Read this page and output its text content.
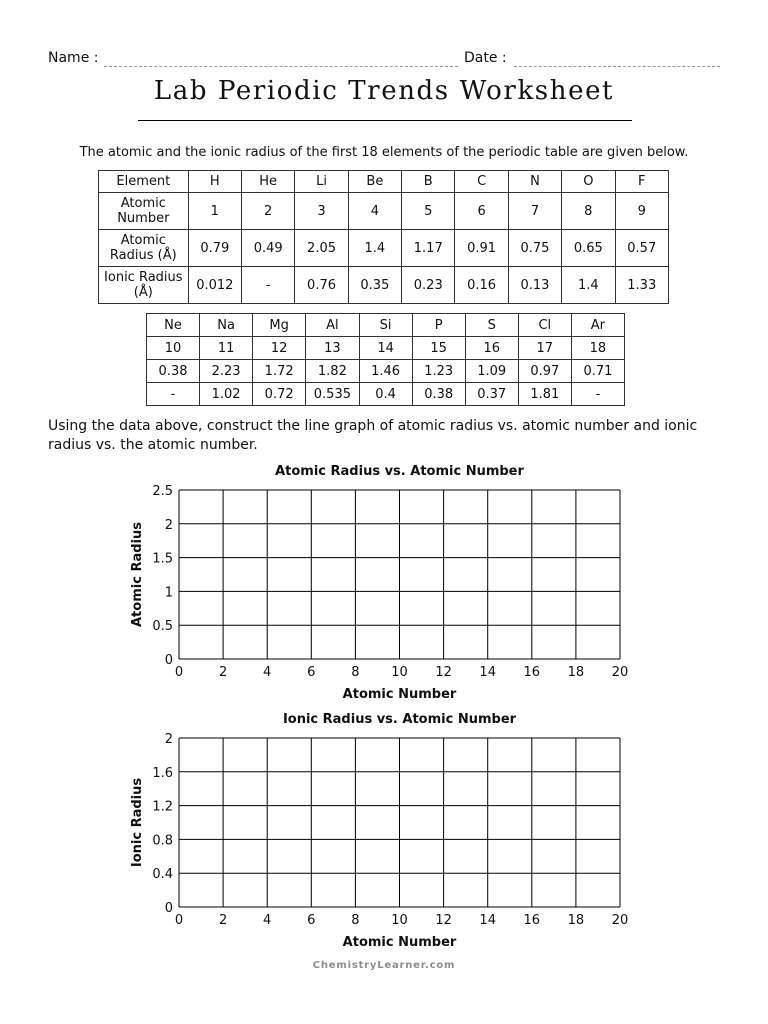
Name :	Date :
Lab Periodic Trends Worksheet
The atomic and the ionic radius of the first 18 elements of the periodic table are given below.
Element	H	He	Li	Be	B	C	N	O	F
Atomic Number	1	2	3	4	5	6	7	8	9
Atomic Radius (Å)	0.79	0.49	2.05	1.4	1.17	0.91	0.75	0.65	0.57
Ionic Radius (Å)	0.012	-	0.76	0.35	0.23	0.16	0.13	1.4	1.33
Ne	Na	Mg	Al	Si	P	S	Cl	Ar
10	11	12	13	14	15	16	17	18
0.38	2.23	1.72	1.82	1.46	1.23	1.09	0.97	0.71
-	1.02	0.72	0.535	0.4	0.38	0.37	1.81	-
Using the data above, construct the line graph of atomic radius vs. atomic number and ionic radius vs. the atomic number.
0	2	4	6	8 10 12 14 16 18 20
0
0.5
1
1.5
2
2.5
Atomic Radius vs. Atomic Number
Atomic Number
Atomic Radius
0	2	4	6	8 10 12 14 16 18 20
0
0.4
0.8
1.2
1.6
2
Ionic Radius vs. Atomic Number
Atomic Number
Ionic Radius
ChemistryLearner.com
